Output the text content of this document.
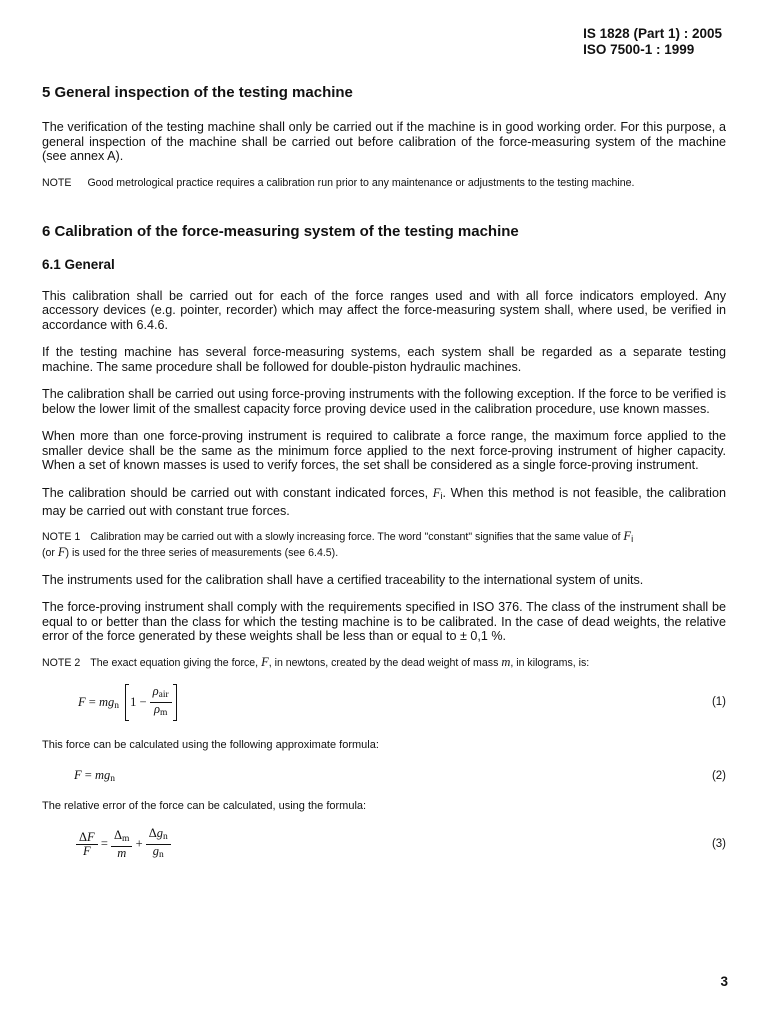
IS 1828 (Part 1) : 2005
ISO 7500-1 : 1999
5 General inspection of the testing machine

The verification of the testing machine shall only be carried out if the machine is in good working order. For this purpose, a general inspection of the machine shall be carried out before calibration of the force-measuring system of the machine (see annex A).

NOTE Good metrological practice requires a calibration run prior to any maintenance or adjustments to the testing machine.
6 Calibration of the force-measuring system of the testing machine
6.1 General

This calibration shall be carried out for each of the force ranges used and with all force indicators employed. Any accessory devices (e.g. pointer, recorder) which may affect the force-measuring system shall, where used, be verified in accordance with 6.4.6.

If the testing machine has several force-measuring systems, each system shall be regarded as a separate testing machine. The same procedure shall be followed for double-piston hydraulic machines.

The calibration shall be carried out using force-proving instruments with the following exception. If the force to be verified is below the lower limit of the smallest capacity force proving device used in the calibration procedure, use known masses.

When more than one force-proving instrument is required to calibrate a force range, the maximum force applied to the smaller device shall be the same as the minimum force applied to the next force-proving instrument of higher capacity. When a set of known masses is used to verify forces, the set shall be considered as a single force-proving instrument.

The calibration should be carried out with constant indicated forces, $F_i$. When this method is not feasible, the calibration may be carried out with constant true forces.

NOTE 1 Calibration may be carried out with a slowly increasing force. The word "constant" signifies that the same value of Fi
(or F) is used for the three series of measurements (see 6.4.5).

The instruments used for the calibration shall have a certified traceability to the international system of units.

The force-proving instrument shall comply with the requirements specified in ISO 376. The class of the instrument shall be equal to or better than the class for which the testing machine is to be calibrated. In the case of dead weights, the relative error of the force generated by these weights shall be less than or equal to ± 0,1 %.

NOTE 2 The exact equation giving the force, F, in newtons, created by the dead weight of mass m, in kilograms, is:
$F = mg_n$ $1 - \frac{\rho_{air}}{\rho_m}$	(1)

This force can be calculated using the following approximate formula:

$F = mg_n$	(2)

The relative error of the force can be calculated, using the formula:

$\frac{\Delta F}{F} = \frac{\Delta_m}{m} + \frac{\Delta g_n}{g_n}$	(3)
3
